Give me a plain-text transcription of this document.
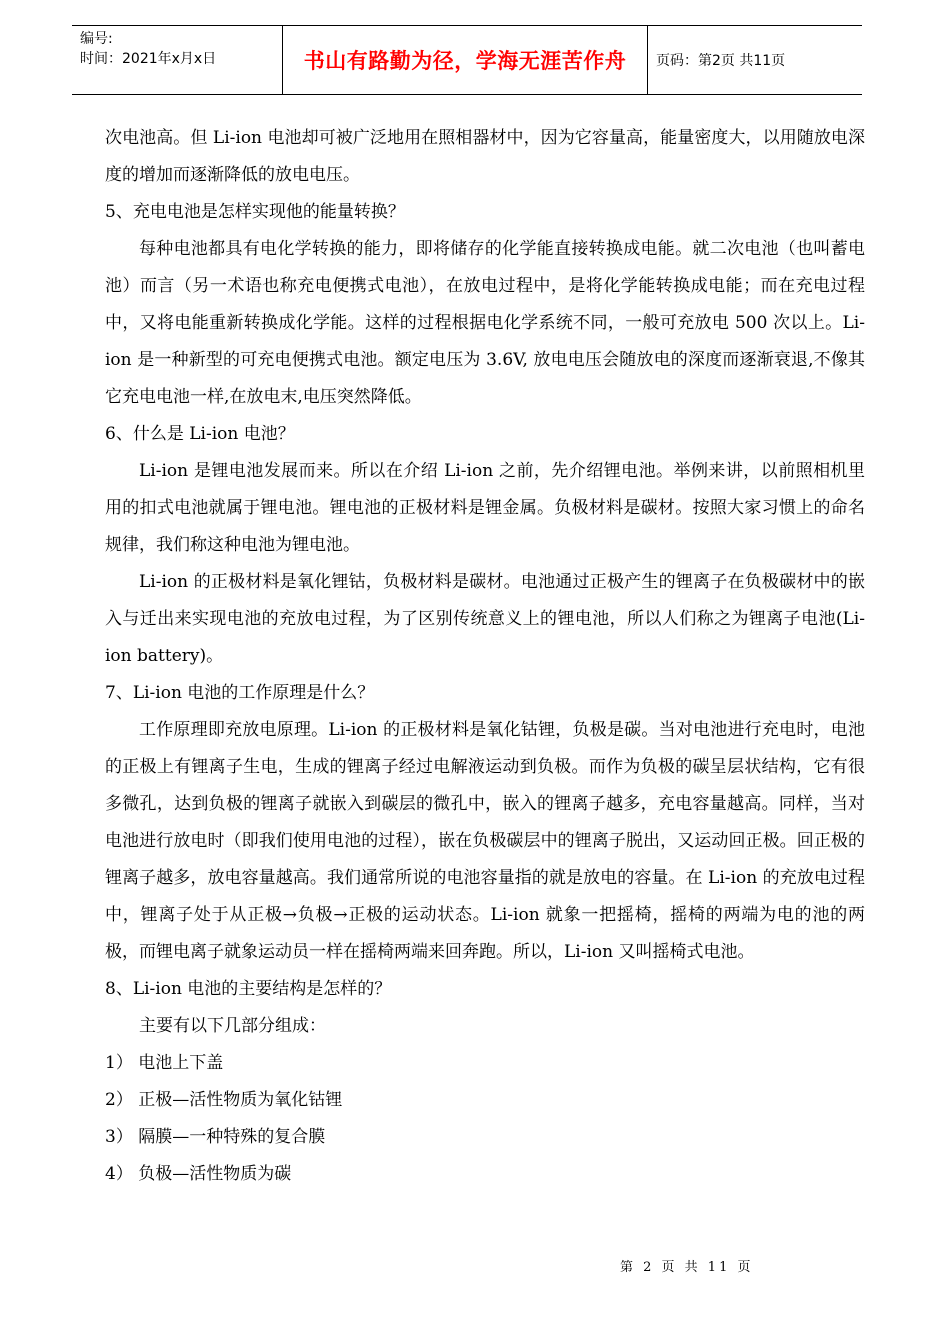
编号:
时间：2021年x月x日	书山有路勤为径，学海无涯苦作舟 页码：第2页 共11页

次电池高。但 Li-ion 电池却可被广泛地用在照相器材中，因为它容量高，能量密度大，以用随放电深度的增加而逐渐降低的放电电压。

5、充电电池是怎样实现他的能量转换？

每种电池都具有电化学转换的能力，即将储存的化学能直接转换成电能。就二次电池（也叫蓄电池）而言（另一术语也称充电便携式电池），在放电过程中，是将化学能转换成电能；而在充电过程中，又将电能重新转换成化学能。这样的过程根据电化学系统不同，一般可充放电 500 次以上。Li-ion 是一种新型的可充电便携式电池。额定电压为 3.6V, 放电电压会随放电的深度而逐渐衰退,不像其它充电电池一样,在放电末,电压突然降低。

6、什么是 Li-ion 电池？

Li-ion 是锂电池发展而来。所以在介绍 Li-ion 之前，先介绍锂电池。举例来讲，以前照相机里用的扣式电池就属于锂电池。锂电池的正极材料是锂金属。负极材料是碳材。按照大家习惯上的命名规律，我们称这种电池为锂电池。

Li-ion 的正极材料是氧化锂钴，负极材料是碳材。电池通过正极产生的锂离子在负极碳材中的嵌入与迁出来实现电池的充放电过程，为了区别传统意义上的锂电池，所以人们称之为锂离子电池(Li-ion battery)。

7、Li-ion 电池的工作原理是什么？

工作原理即充放电原理。Li-ion 的正极材料是氧化钴锂，负极是碳。当对电池进行充电时，电池的正极上有锂离子生电，生成的锂离子经过电解液运动到负极。而作为负极的碳呈层状结构，它有很多微孔，达到负极的锂离子就嵌入到碳层的微孔中，嵌入的锂离子越多，充电容量越高。同样，当对电池进行放电时（即我们使用电池的过程），嵌在负极碳层中的锂离子脱出，又运动回正极。回正极的锂离子越多，放电容量越高。我们通常所说的电池容量指的就是放电的容量。在 Li-ion 的充放电过程中，锂离子处于从正极→负极→正极的运动状态。Li-ion 就象一把摇椅，摇椅的两端为电的池的两极，而锂电离子就象运动员一样在摇椅两端来回奔跑。所以，Li-ion 又叫摇椅式电池。

8、Li-ion 电池的主要结构是怎样的？

主要有以下几部分组成：

1） 电池上下盖

2） 正极—活性物质为氧化钴锂

3） 隔膜—一种特殊的复合膜

4） 负极—活性物质为碳

第 2 页 共 11 页
